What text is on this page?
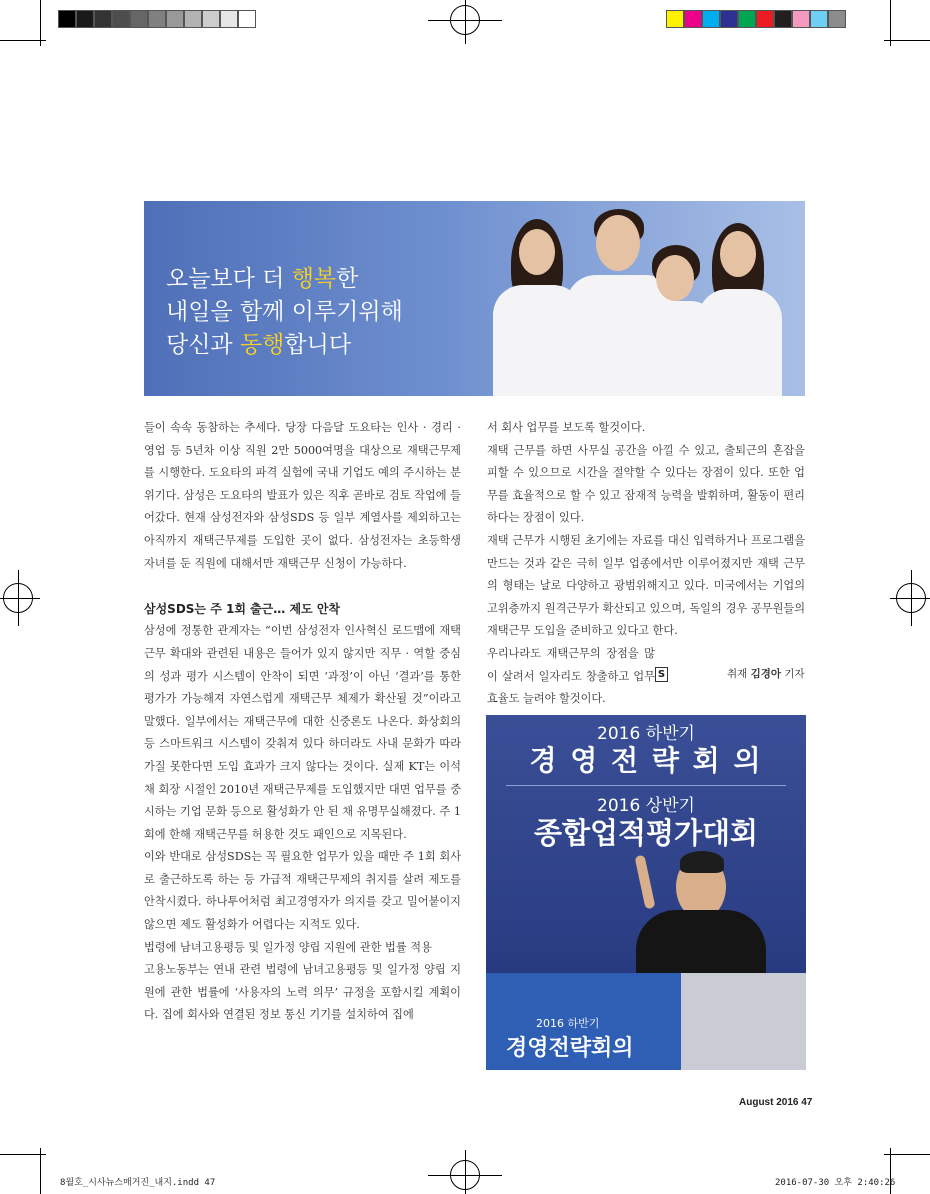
오늘보다 더 행복한
내일을 함께 이루기위해
당신과 동행합니다

들이 속속 동참하는 추세다. 당장 다음달 도요타는 인사 · 경리 · 영업 등 5년차 이상 직원 2만 5000여명을 대상으로 재택근무제를 시행한다. 도요타의 파격 실험에 국내 기업도 예의 주시하는 분위기다. 삼성은 도요타의 발표가 있은 직후 곧바로 검토 작업에 들어갔다. 현재 삼성전자와 삼성SDS 등 일부 계열사를 제외하고는 아직까지 재택근무제를 도입한 곳이 없다. 삼성전자는 초등학생 자녀를 둔 직원에 대해서만 재택근무 신청이 가능하다.

삼성SDS는 주 1회 출근… 제도 안착

삼성에 정통한 관계자는 “이번 삼성전자 인사혁신 로드맵에 재택근무 확대와 관련된 내용은 들어가 있지 않지만 직무 · 역할 중심의 성과 평가 시스템이 안착이 되면 ‘과정’이 아닌 ‘결과’를 통한 평가가 가능해져 자연스럽게 재택근무 체제가 확산될 것”이라고 말했다. 일부에서는 재택근무에 대한 신중론도 나온다. 화상회의 등 스마트워크 시스템이 갖춰져 있다 하더라도 사내 문화가 따라가질 못한다면 도입 효과가 크지 않다는 것이다. 실제 KT는 이석채 회장 시절인 2010년 재택근무제를 도입했지만 대면 업무를 중시하는 기업 문화 등으로 활성화가 안 된 채 유명무실해졌다. 주 1회에 한해 재택근무를 허용한 것도 패인으로 지목된다.

이와 반대로 삼성SDS는 꼭 필요한 업무가 있을 때만 주 1회 회사로 출근하도록 하는 등 가급적 재택근무제의 취지를 살려 제도를 안착시켰다. 하나투어처럼 최고경영자가 의지를 갖고 밀어붙이지 않으면 제도 활성화가 어렵다는 지적도 있다.

법령에 남녀고용평등 및 일가정 양립 지원에 관한 법률 적용

고용노동부는 연내 관련 법령에 남녀고용평등 및 일가정 양립 지원에 관한 법률에 ‘사용자의 노력 의무’ 규정을 포함시킬 계획이다. 집에 회사와 연결된 정보 통신 기기를 설치하여 집에

서 회사 업무를 보도록 할것이다.

재택 근무를 하면 사무실 공간을 아낄 수 있고, 출퇴근의 혼잡을 피할 수 있으므로 시간을 절약할 수 있다는 장점이 있다. 또한 업무를 효율적으로 할 수 있고 잠재적 능력을 발휘하며, 활동이 편리하다는 장점이 있다.

재택 근무가 시행된 초기에는 자료를 대신 입력하거나 프로그램을 만드는 것과 같은 극히 일부 업종에서만 이루어졌지만 재택 근무의 형태는 날로 다양하고 광범위해지고 있다. 미국에서는 기업의 고위층까지 원격근무가 확산되고 있으며, 독일의 경우 공무원들의 재택근무 도입을 준비하고 있다고 한다.

우리나라도 재택근무의 장점을 많이 살려서 일자리도 창출하고 업무효율도 늘려야 할것이다.

S	취재 김경아 기자
2016 하반기
경 영 전 략 회 의
2016 상반기
종합업적평가대회
2016 하반기
경영전략회의
August 2016 47
8월호_시사뉴스매거진_내지.indd 47	2016-07-30 오후 2:40:26
